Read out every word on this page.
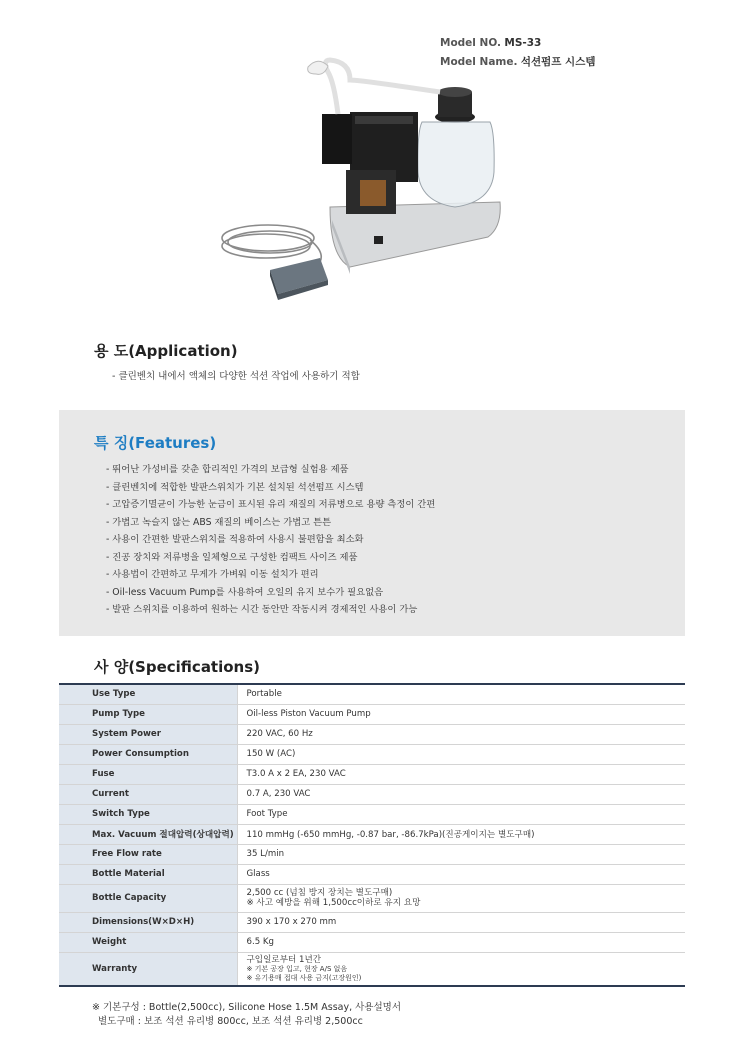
Model NO. MS-33
Model Name. 석션펌프 시스템
용 도(Application)
- 클린벤치 내에서 액체의 다양한 석션 작업에 사용하기 적합
특 징(Features)
- 뛰어난 가성비를 갖춘 합리적인 가격의 보급형 실험용 제품
- 클린벤치에 적합한 발판스위치가 기본 설치된 석션펌프 시스템
- 고압증기멸균이 가능한 눈금이 표시된 유리 재질의 저류병으로 용량 측정이 간편
- 가볍고 녹슬지 않는 ABS 재질의 베이스는 가볍고 튼튼
- 사용이 간편한 발판스위치를 적용하여 사용시 불편함을 최소화
- 진공 장치와 저류병을 일체형으로 구성한 컴팩트 사이즈 제품
- 사용법이 간편하고 무게가 가벼워 이동 설치가 편리
- Oil-less Vacuum Pump를 사용하여 오일의 유지 보수가 필요없음
- 발판 스위치를 이용하여 원하는 시간 동안만 작동시켜 경제적인 사용이 가능
사 양(Specifications)
Use Type	Portable
Pump Type	Oil-less Piston Vacuum Pump
System Power	220 VAC, 60 Hz
Power Consumption	150 W (AC)
Fuse	T3.0 A x 2 EA, 230 VAC
Current	0.7 A, 230 VAC
Switch Type	Foot Type
Max. Vacuum 절대압력(상대압력)	110 mmHg (-650 mmHg, -0.87 bar, -86.7kPa)(진공게이지는 별도구매)
Free Flow rate	35 L/min
Bottle Material	Glass
Bottle Capacity	2,500 cc (넘침 방지 장치는 별도구매)
※ 사고 예방을 위해 1,500cc이하로 유지 요망

Dimensions(W×D×H)	390 x 170 x 270 mm
Weight	6.5 Kg
Warranty	구입일로부터 1년간
※ 기본 공장 입고, 현장 A/S 없음
※ 유기용매 접대 사용 금지(고장원인)
※ 기본구성 : Bottle(2,500cc), Silicone Hose 1.5M Assay, 사용설명서
별도구매 : 보조 석션 유리병 800cc, 보조 석션 유리병 2,500cc
